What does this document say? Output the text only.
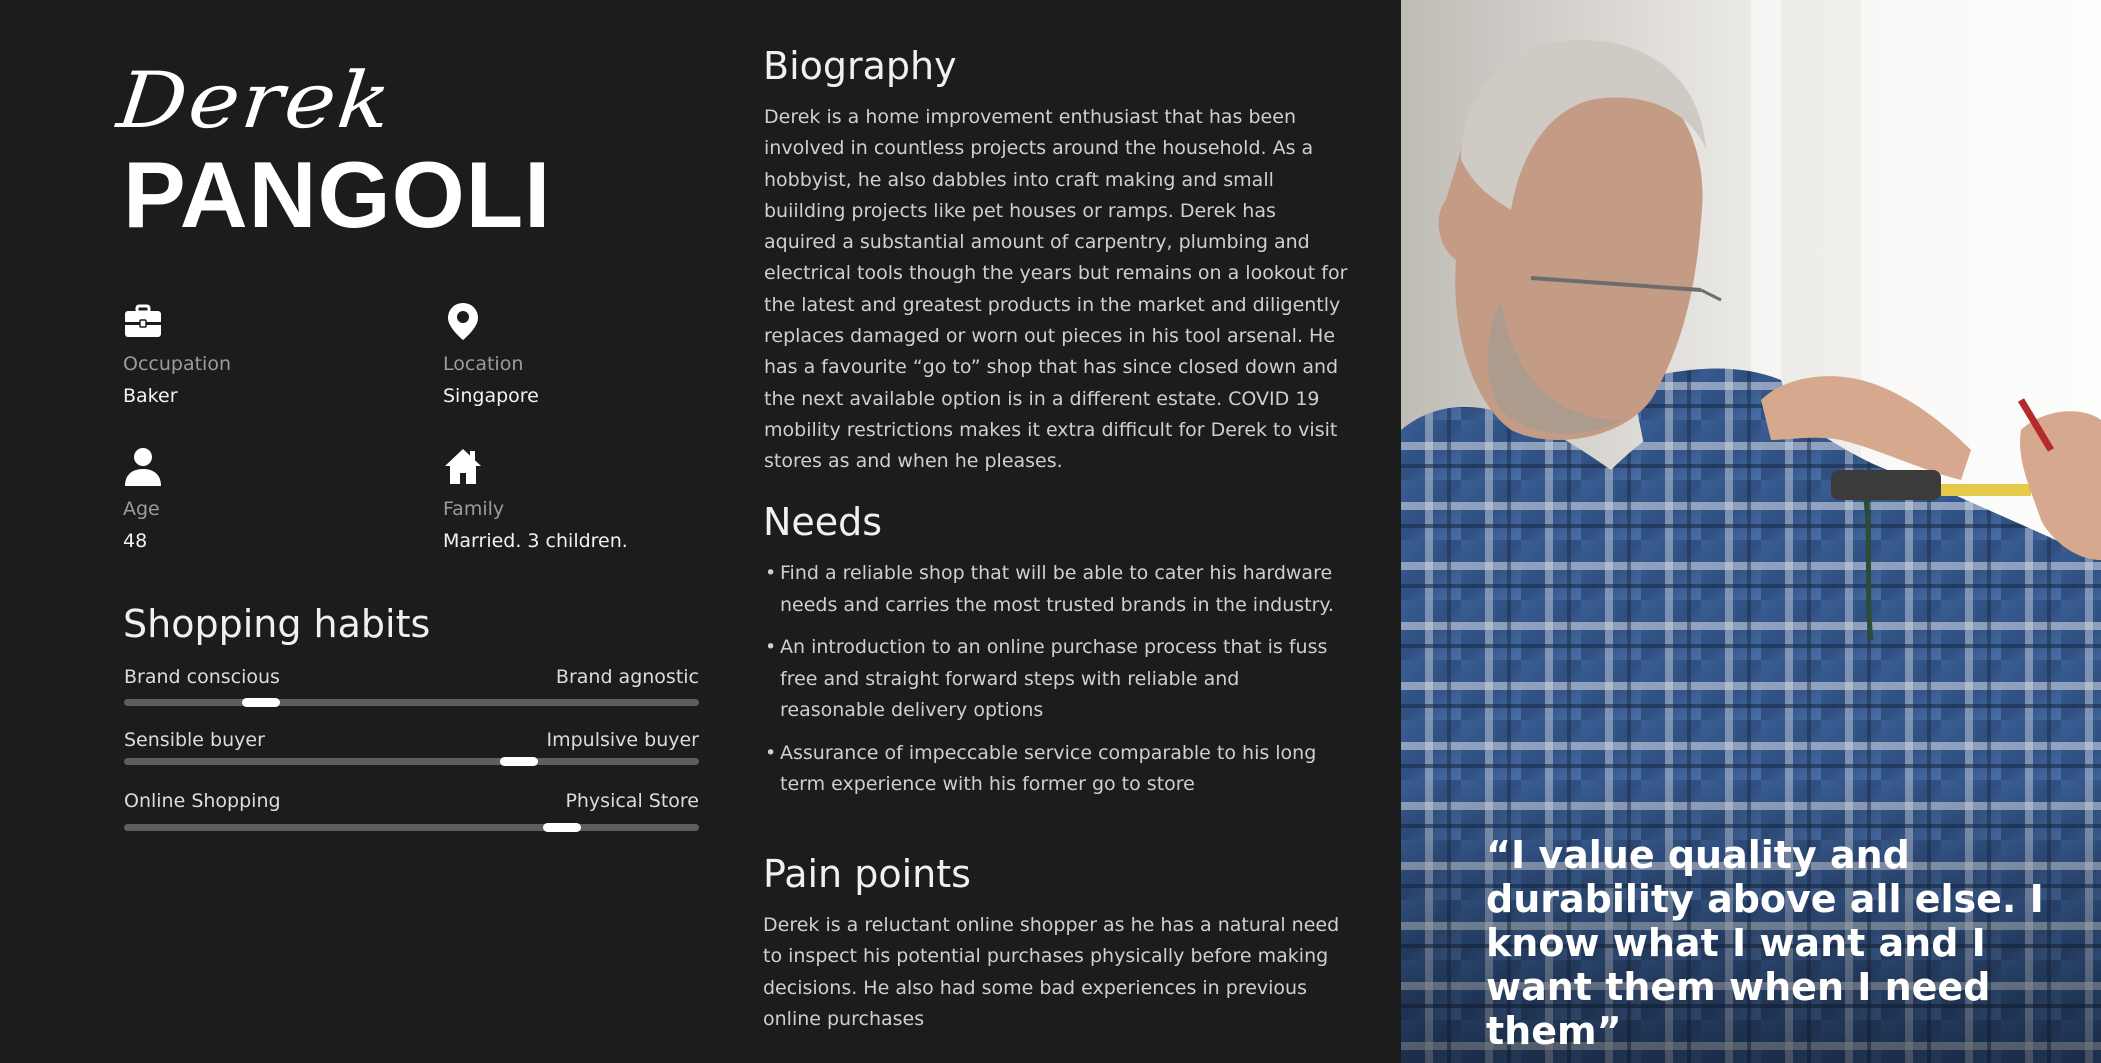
Derek
PANGOLI
Occupation
Baker
Location
Singapore
Age
48
Family
Married. 3 children.
Shopping habits
Brand conscious	Brand agnostic
Sensible buyer	Impulsive buyer
Online Shopping	Physical Store
Biography

Derek is a home improvement enthusiast that has been involved in countless projects around the household. As a hobbyist, he also dabbles into craft making and small buiilding projects like pet houses or ramps. Derek has aquired a substantial amount of carpentry, plumbing and electrical tools though the years but remains on a lookout for the latest and greatest products in the market and diligently replaces damaged or worn out pieces in his tool arsenal. He has a favourite “go to” shop that has since closed down and the next available option is in a different estate. COVID 19 mobility restrictions makes it extra difficult for Derek to visit stores as and when he pleases.

Needs
• Find a reliable shop that will be able to cater his hardware needs and carries the most trusted brands in the industry.
• An introduction to an online purchase process that is fuss free and straight forward steps with reliable and reasonable delivery options
• Assurance of impeccable service comparable to his long term experience with his former go to store
Pain points

Derek is a reluctant online shopper as he has a natural need to inspect his potential purchases physically before making decisions. He also had some bad experiences in previous online purchases

“I value quality and durability above all else. I know what I want and I want them when I need them”
